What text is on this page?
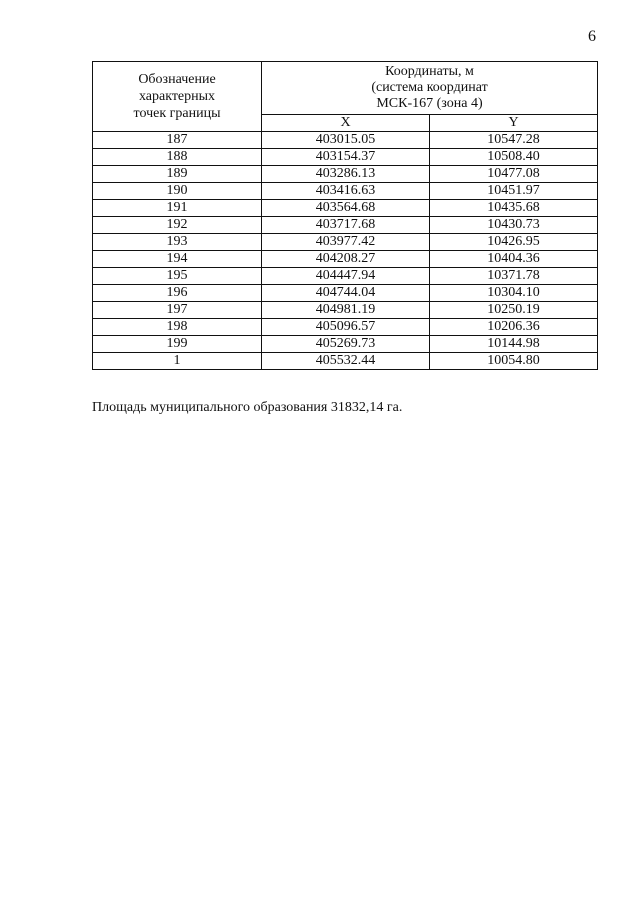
6
Обозначение
характерных
точек границы	Координаты, м
(система координат
МСК-167 (зона 4)	
	X	Y
187	403015.05	10547.28
188	403154.37	10508.40
189	403286.13	10477.08
190	403416.63	10451.97
191	403564.68	10435.68
192	403717.68	10430.73
193	403977.42	10426.95
194	404208.27	10404.36
195	404447.94	10371.78
196	404744.04	10304.10
197	404981.19	10250.19
198	405096.57	10206.36
199	405269.73	10144.98
1	405532.44	10054.80
Площадь муниципального образования 31832,14 га.
